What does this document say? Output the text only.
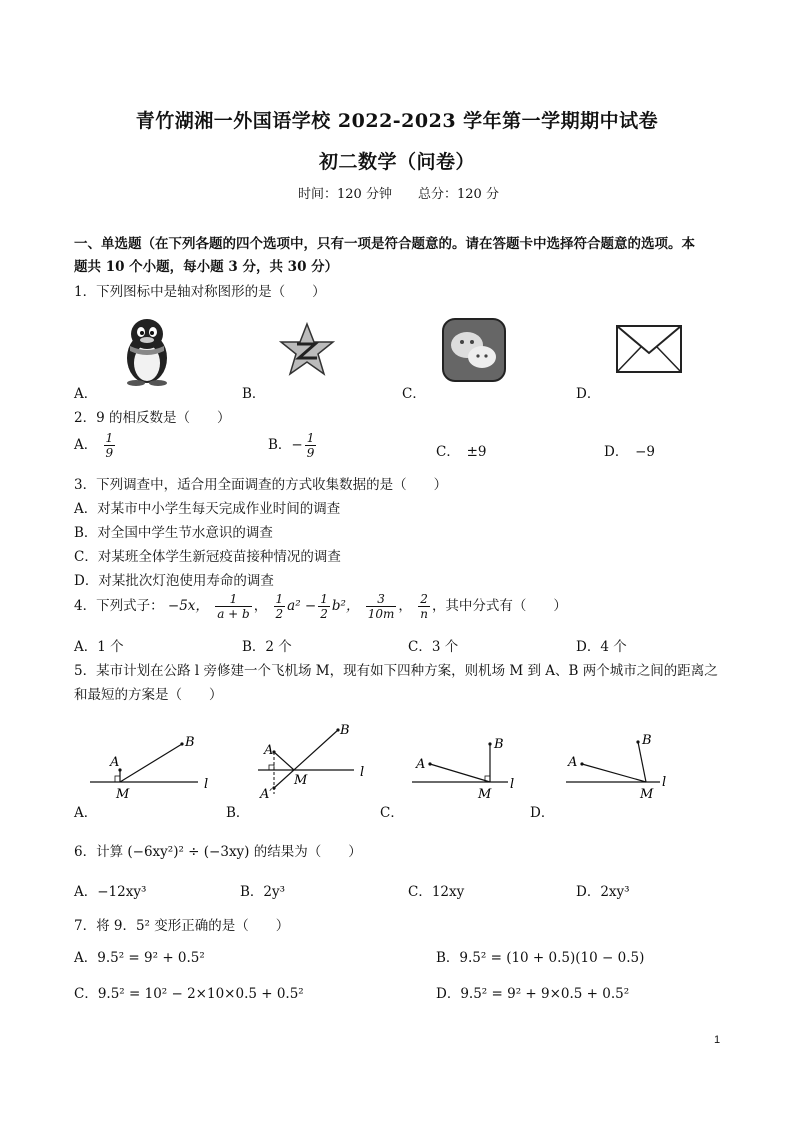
青竹湖湘一外国语学校 2022-2023 学年第一学期期中试卷
初二数学（问卷）
时间：120 分钟 总分：120 分
一、单选题（在下列各题的四个选项中，只有一项是符合题意的。请在答题卡中选择符合题意的选项。本
题共 10 个小题，每小题 3 分，共 30 分）
1．下列图标中是轴对称图形的是（　　）
A．	B．	C．	D．
2．9 的相反数是（　　）
A． $\frac{1}{9}$	B．− $\frac{1}{9}$	C．　±9	D．　−9
3．下列调查中，适合用全面调查的方式收集数据的是（　　）
A．对某市中小学生每天完成作业时间的调查
B．对全国中学生节水意识的调查
C．对某班全体学生新冠疫苗接种情况的调查
D．对某批次灯泡使用寿命的调查
4．下列式子： −5x， $\frac{1}{a + b}$ ， $\frac{1}{2} a^2 - \frac{1}{2} b^2$， $\frac{3}{10m}$ ， $\frac{2}{n}$ ，其中分式有（　　）
A．1 个	B．2 个	C．3 个	D．4 个
5．某市计划在公路 l 旁修建一个飞机场 M，现有如下四种方案，则机场 M 到 A、B 两个城市之间的距离之
和最短的方案是（　　）
A
B
M
l
A．
A
B
M
l
A′
B．
A
B
M
l
C．
A
B
M
l
D．
6．计算 (−6xy²)² ÷ (−3xy) 的结果为（　　）
A．−12xy³	B．2y³	C．12xy	D．2xy³
7．将 9．5² 变形正确的是（　　）
A．9.5² = 9² + 0.5²	B．9.5² = (10 + 0.5)(10 − 0.5)
C．9.5² = 10² − 2×10×0.5 + 0.5²	D．9.5² = 9² + 9×0.5 + 0.5²
1
